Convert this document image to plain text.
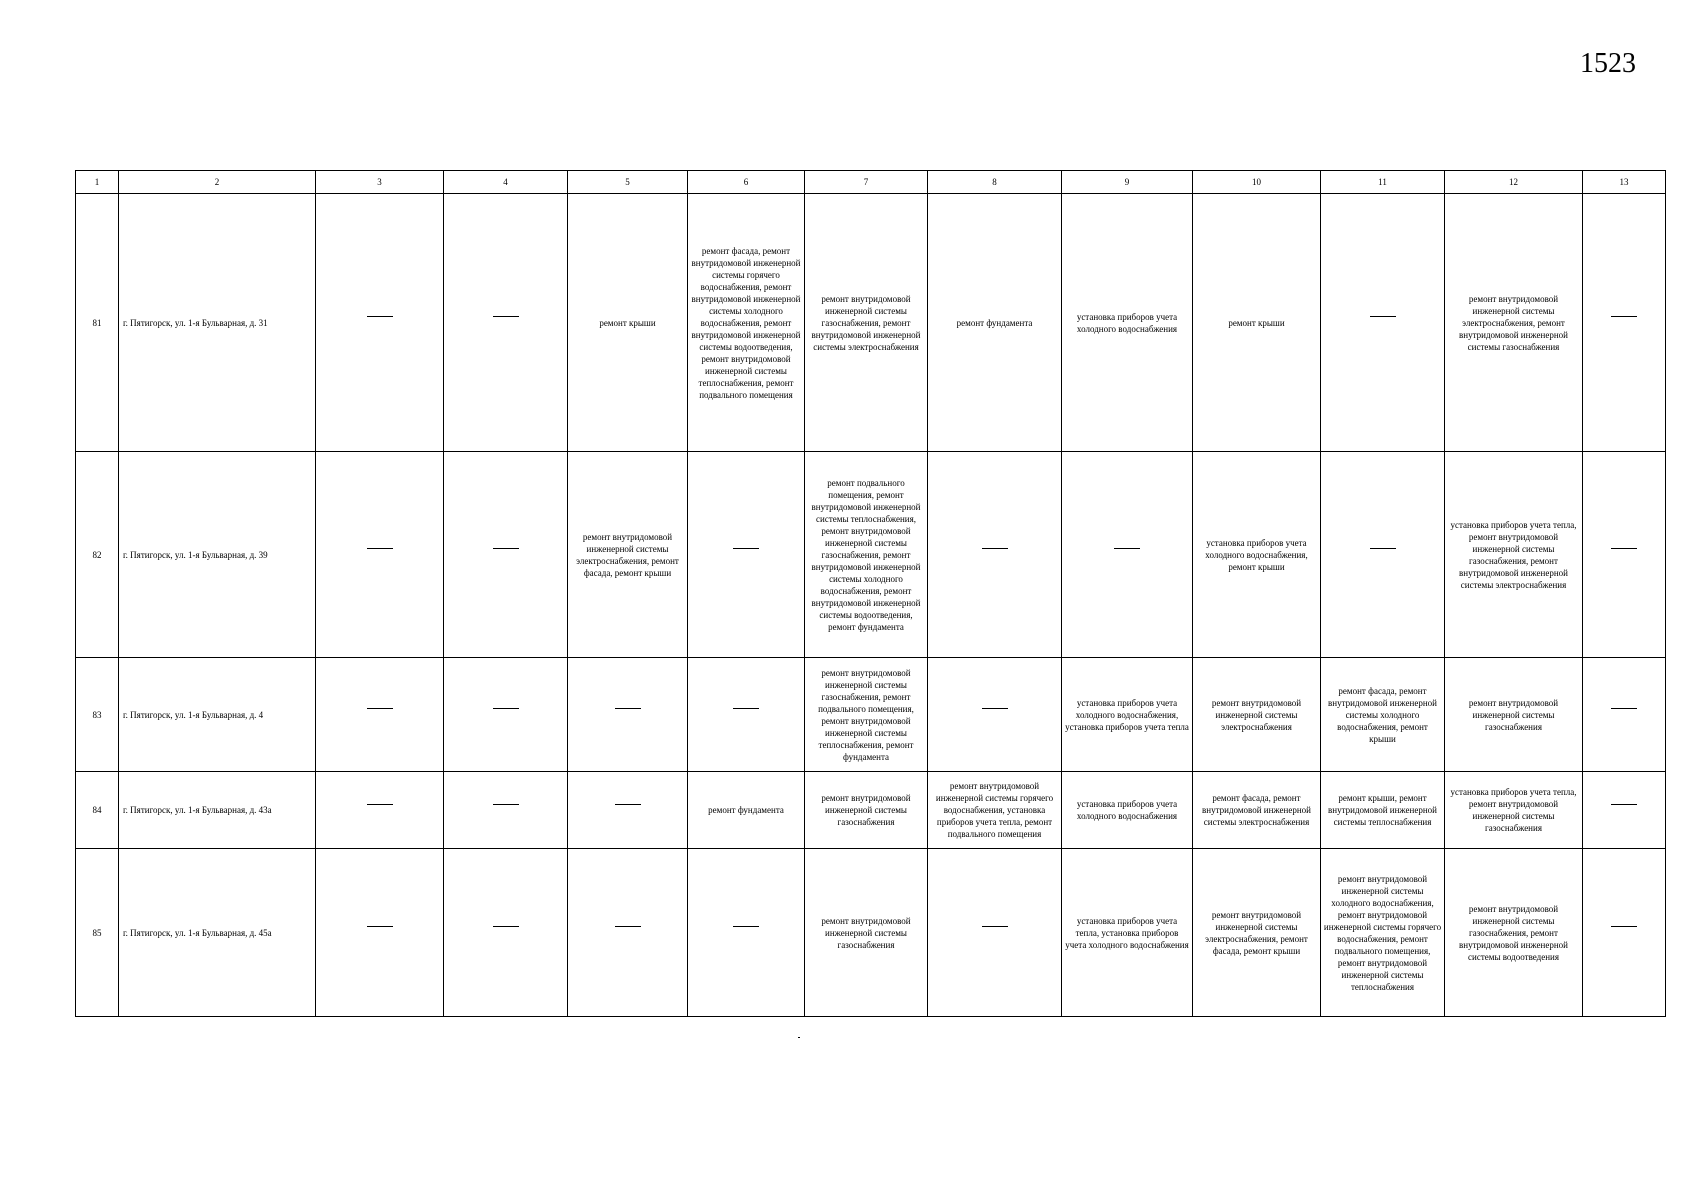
1523
1	2	3	4	5	6	7	8	9	10	11	12	13
81	г. Пятигорск, ул. 1-я Бульварная, д. 31			ремонт крыши	ремонт фасада, ремонт внутридомовой инженерной системы горячего водоснабжения, ремонт внутридомовой инженерной системы холодного водоснабжения, ремонт внутридомовой инженерной системы водоотведения, ремонт внутридомовой инженерной системы теплоснабжения, ремонт подвального помещения	ремонт внутридомовой инженерной системы газоснабжения, ремонт внутридомовой инженерной системы электроснабжения	ремонт фундамента	установка приборов учета холодного водоснабжения	ремонт крыши		ремонт внутридомовой инженерной системы электроснабжения, ремонт внутридомовой инженерной системы газоснабжения	
82	г. Пятигорск, ул. 1-я Бульварная, д. 39			ремонт внутридомовой инженерной системы электроснабжения, ремонт фасада, ремонт крыши		ремонт подвального помещения, ремонт внутридомовой инженерной системы теплоснабжения, ремонт внутридомовой инженерной системы газоснабжения, ремонт внутридомовой инженерной системы холодного водоснабжения, ремонт внутридомовой инженерной системы водоотведения, ремонт фундамента			установка приборов учета холодного водоснабжения, ремонт крыши		установка приборов учета тепла, ремонт внутридомовой инженерной системы газоснабжения, ремонт внутридомовой инженерной системы электроснабжения	
83	г. Пятигорск, ул. 1-я Бульварная, д. 4					ремонт внутридомовой инженерной системы газоснабжения, ремонт подвального помещения, ремонт внутридомовой инженерной системы теплоснабжения, ремонт фундамента		установка приборов учета холодного водоснабжения, установка приборов учета тепла	ремонт внутридомовой инженерной системы электроснабжения	ремонт фасада, ремонт внутридомовой инженерной системы холодного водоснабжения, ремонт крыши	ремонт внутридомовой инженерной системы газоснабжения	
84	г. Пятигорск, ул. 1-я Бульварная, д. 43а				ремонт фундамента	ремонт внутридомовой инженерной системы газоснабжения	ремонт внутридомовой инженерной системы горячего водоснабжения, установка приборов учета тепла, ремонт подвального помещения	установка приборов учета холодного водоснабжения	ремонт фасада, ремонт внутридомовой инженерной системы электроснабжения	ремонт крыши, ремонт внутридомовой инженерной системы теплоснабжения	установка приборов учета тепла, ремонт внутридомовой инженерной системы газоснабжения	
85	г. Пятигорск, ул. 1-я Бульварная, д. 45а					ремонт внутридомовой инженерной системы газоснабжения		установка приборов учета тепла, установка приборов учета холодного водоснабжения	ремонт внутридомовой инженерной системы электроснабжения, ремонт фасада, ремонт крыши	ремонт внутридомовой инженерной системы холодного водоснабжения, ремонт внутридомовой инженерной системы горячего водоснабжения, ремонт подвального помещения, ремонт внутридомовой инженерной системы теплоснабжения	ремонт внутридомовой инженерной системы газоснабжения, ремонт внутридомовой инженерной системы водоотведения	
